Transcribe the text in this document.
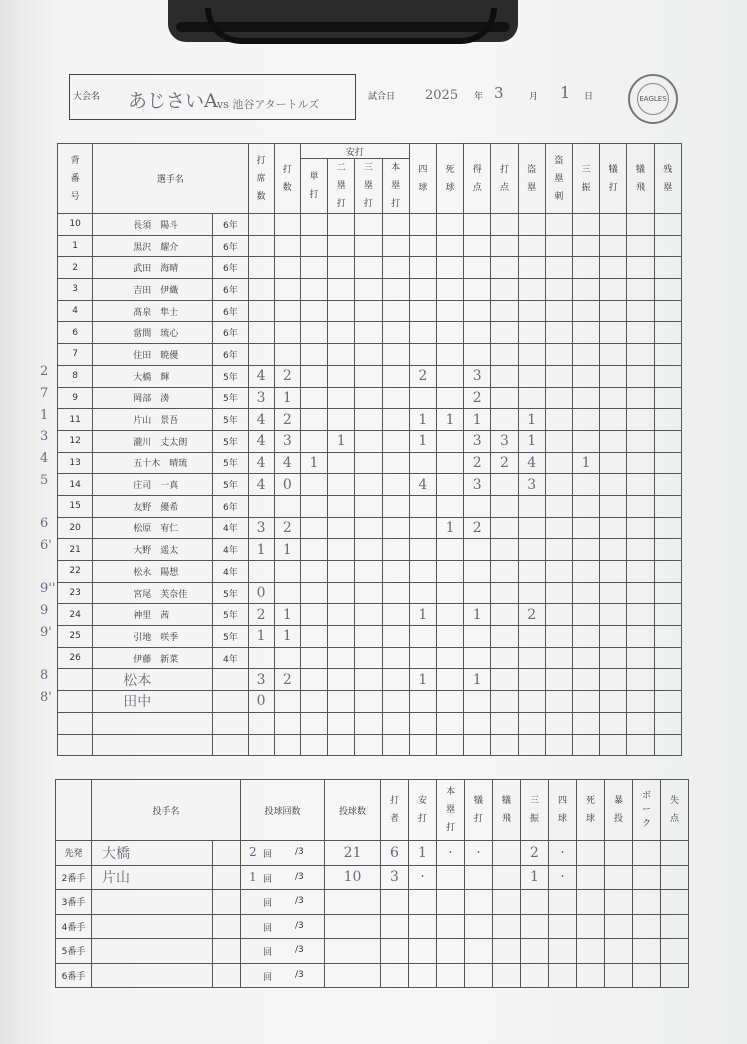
大会名 あじさいA vs 池谷アタートルズ
試合日 2025 年 3	月 1 日	EAGLES
背番号	選手名		打席数	打数	安打				四球	死球	得点	打点	盗塁	盗塁刺	三振	犠打	犠飛	残塁
					単打	二塁打	三塁打	本塁打										
10	長須　陽斗	6年																
1	黒沢　耀介	6年																
2	武田　海晴	6年																
3	吉田　伊織	6年																
4	髙泉　隼士	6年																
6	當間　琉心	6年																
7	住田　暁優	6年																
8	大橋　輝	5年	4	2					2		3							
9	岡部　湊	5年	3	1							2							
11	片山　景吾	5年	4	2					1	1	1		1					
12	瀧川　丈太朗	5年	4	3		1			1		3	3	1					
13	五十木　晴琉	5年	4	4	1						2	2	4		1			
14	庄司　一真	5年	4	0					4		3		3					
15	友野　優希	6年																
20	松原　宥仁	4年	3	2						1	2							
21	大野　遥太	4年	1	1														
22	松永　陽想	4年																
23	宮尾　芙奈佳	5年	0															
24	神里　茜	5年	2	1					1		1		2					
25	引地　咲季	5年	1	1														
26	伊藤　新菜	4年																
	松本		3	2					1		1							
	田中		0															

	投手名		投球回数	投球数	打者	安打	本塁打	犠打	犠飛	三振	四球	死球	暴投	ボーク	失点
先発	大橋		2 回 /3	21	6	1	·	·		2	·				
2番手	片山		1 回 /3	10	3	·				1	·				
3番手			回 /3												

4番手			回 /3												

5番手			回 /3												

6番手			回 /3												

2
7
1
3
4
5
6
6'
9''
9
9'
8
8'
